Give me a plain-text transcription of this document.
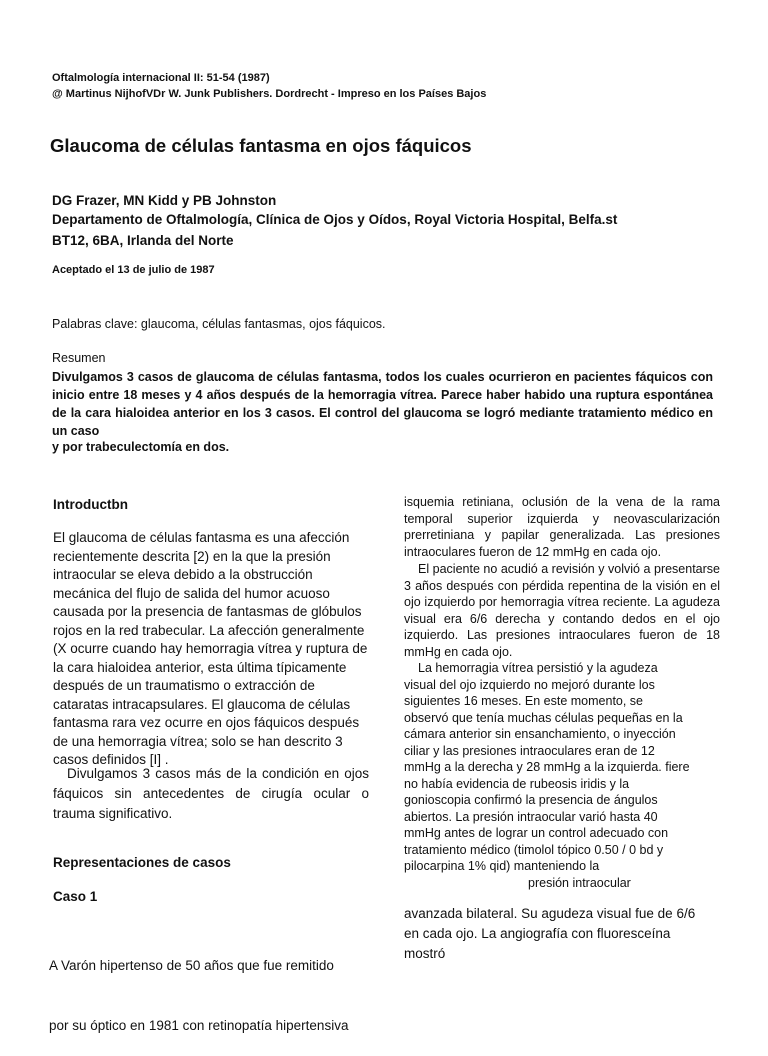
Oftalmología internacional II: 51-54 (1987)
@ Martinus NijhofVDr W. Junk Publishers. Dordrecht - Impreso en los Países Bajos
Glaucoma de células fantasma en ojos fáquicos
DG Frazer, MN Kidd y PB Johnston
Departamento de Oftalmología, Clínica de Ojos y Oídos, Royal Victoria Hospital, Belfa.st
BT12, 6BA, Irlanda del Norte
Aceptado el 13 de julio de 1987
Palabras clave: glaucoma, células fantasmas, ojos fáquicos.
Resumen

Divulgamos 3 casos de glaucoma de células fantasma, todos los cuales ocurrieron en pacientes fáquicos con inicio entre 18 meses y 4 años después de la hemorragia vítrea. Parece haber habido una ruptura espontánea de la cara hialoidea anterior en los 3 casos. El control del glaucoma se logró mediante tratamiento médico en un caso

y por trabeculectomía en dos.
Introductbn
El glaucoma de células fantasma es una afección
recientemente descrita [2) en la que la presión
intraocular se eleva debido a la obstrucción
mecánica del flujo de salida del humor acuoso
causada por la presencia de fantasmas de glóbulos
rojos en la red trabecular. La afección generalmente
(X ocurre cuando hay hemorragia vítrea y ruptura de
la cara hialoidea anterior, esta última típicamente
después de un traumatismo o extracción de
cataratas intracapsulares. El glaucoma de células
fantasma rara vez ocurre en ojos fáquicos después
de una hemorragia vítrea; solo se han descrito 3
casos definidos [I] .
Divulgamos 3 casos más de la condición en ojos fáquicos sin antecedentes de cirugía ocular o trauma significativo.
Representaciones de casos
Caso 1

A Varón hipertenso de 50 años que fue remitido

por su óptico en 1981 con retinopatía hipertensiva

isquemia retiniana, oclusión de la vena de la rama temporal superior izquierda y neovascularización prerretiniana y papilar generalizada. Las presiones intraoculares fueron de 12 mmHg en cada ojo.
El paciente no acudió a revisión y volvió a presentarse 3 años después con pérdida repentina de la visión en el ojo izquierdo por hemorragia vítrea reciente. La agudeza visual era 6/6 derecha y contando dedos en el ojo izquierdo. Las presiones intraoculares fueron de 18 mmHg en cada ojo.
La hemorragia vítrea persistió y la agudeza
visual del ojo izquierdo no mejoró durante los
siguientes 16 meses. En este momento, se
observó que tenía muchas células pequeñas en la
cámara anterior sin ensanchamiento, o inyección
ciliar y las presiones intraoculares eran de 12
mmHg a la derecha y 28 mmHg a la izquierda. fiere
no había evidencia de rubeosis iridis y la
gonioscopia confirmó la presencia de ángulos
abiertos. La presión intraocular varió hasta 40
mmHg antes de lograr un control adecuado con
tratamiento médico (timolol tópico 0.50 / 0 bd y
pilocarpina 1% qid) manteniendo la
presión intraocular
avanzada bilateral. Su agudeza visual fue de 6/6
en cada ojo. La angiografía con fluoresceína
mostró
